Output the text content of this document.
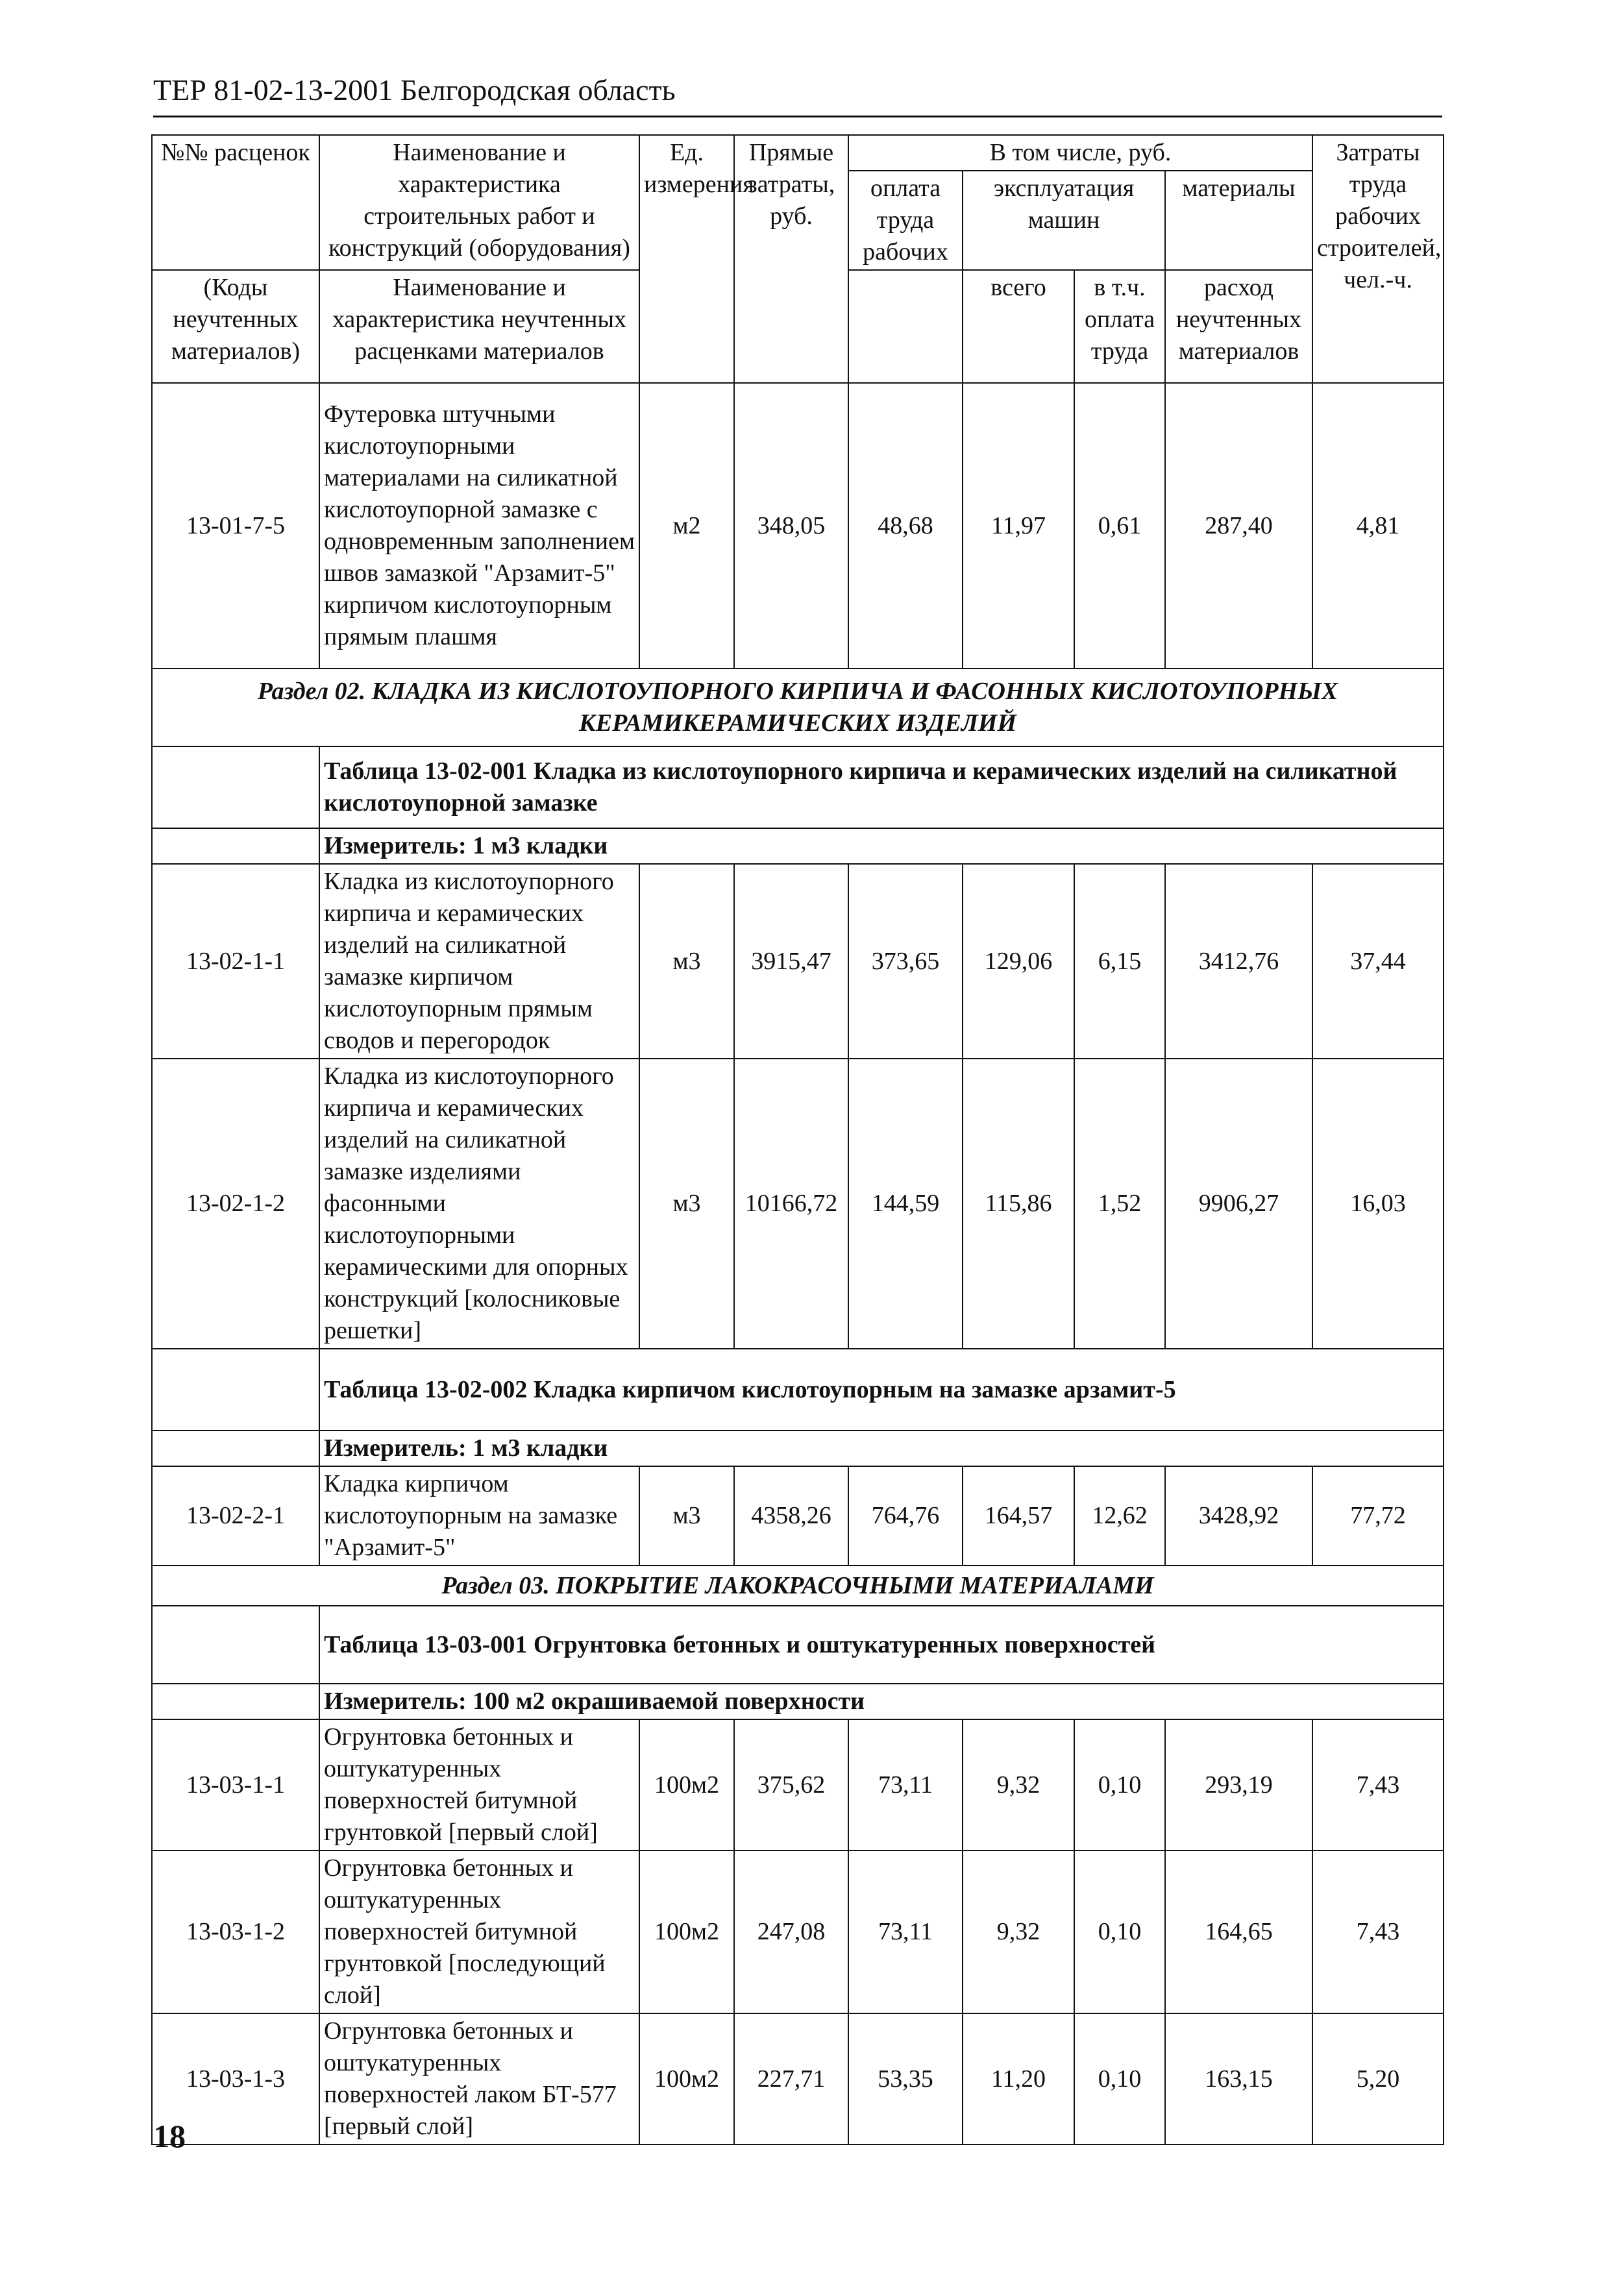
ТЕР 81-02-13-2001 Белгородская область
№№ расценок	Наименование и характеристика строительных работ и конструкций (оборудования)	Ед. измерения	Прямые затраты, руб.	В том числе, руб.				Затраты труда рабочих строителей, чел.-ч.
				оплата труда рабочих	эксплуатация машин		материалы	

(Коды неучтенных материалов)	Наименование и характеристика неучтенных расценками материалов				всего	в т.ч. оплата труда	расход неучтенных материалов	

13-01-7-5	Футеровка штучными кислотоупорными материалами на силикатной кислотоупорной замазке с одновременным заполнением швов замазкой "Арзамит-5" кирпичом кислотоупорным прямым плашмя	м2	348,05	48,68	11,97	0,61	287,40	4,81
Раздел 02. КЛАДКА ИЗ КИСЛОТОУПОРНОГО КИРПИЧА И ФАСОННЫХ КИСЛОТОУПОРНЫХ КЕРАМИКЕРАМИЧЕСКИХ ИЗДЕЛИЙ								
	Таблица 13-02-001 Кладка из кислотоупорного кирпича и керамических изделий на силикатной кислотоупорной замазке							
	Измеритель: 1 м3 кладки							
13-02-1-1	Кладка из кислотоупорного кирпича и керамических изделий на силикатной замазке кирпичом кислотоупорным прямым сводов и перегородок	м3	3915,47	373,65	129,06	6,15	3412,76	37,44
13-02-1-2	Кладка из кислотоупорного кирпича и керамических изделий на силикатной замазке изделиями фасонными кислотоупорными керамическими для опорных конструкций [колосниковые решетки]	м3	10166,72	144,59	115,86	1,52	9906,27	16,03
	Таблица 13-02-002 Кладка кирпичом кислотоупорным на замазке арзамит-5							
	Измеритель: 1 м3 кладки							
13-02-2-1	Кладка кирпичом кислотоупорным на замазке "Арзамит-5"	м3	4358,26	764,76	164,57	12,62	3428,92	77,72
Раздел 03. ПОКРЫТИЕ ЛАКОКРАСОЧНЫМИ МАТЕРИАЛАМИ								
	Таблица 13-03-001 Огрунтовка бетонных и оштукатуренных поверхностей							
	Измеритель: 100 м2 окрашиваемой поверхности							
13-03-1-1	Огрунтовка бетонных и оштукатуренных поверхностей битумной грунтовкой [первый слой]	100м2	375,62	73,11	9,32	0,10	293,19	7,43
13-03-1-2	Огрунтовка бетонных и оштукатуренных поверхностей битумной грунтовкой [последующий слой]	100м2	247,08	73,11	9,32	0,10	164,65	7,43
13-03-1-3	Огрунтовка бетонных и оштукатуренных поверхностей лаком БТ-577 [первый слой]	100м2	227,71	53,35	11,20	0,10	163,15	5,20
18
